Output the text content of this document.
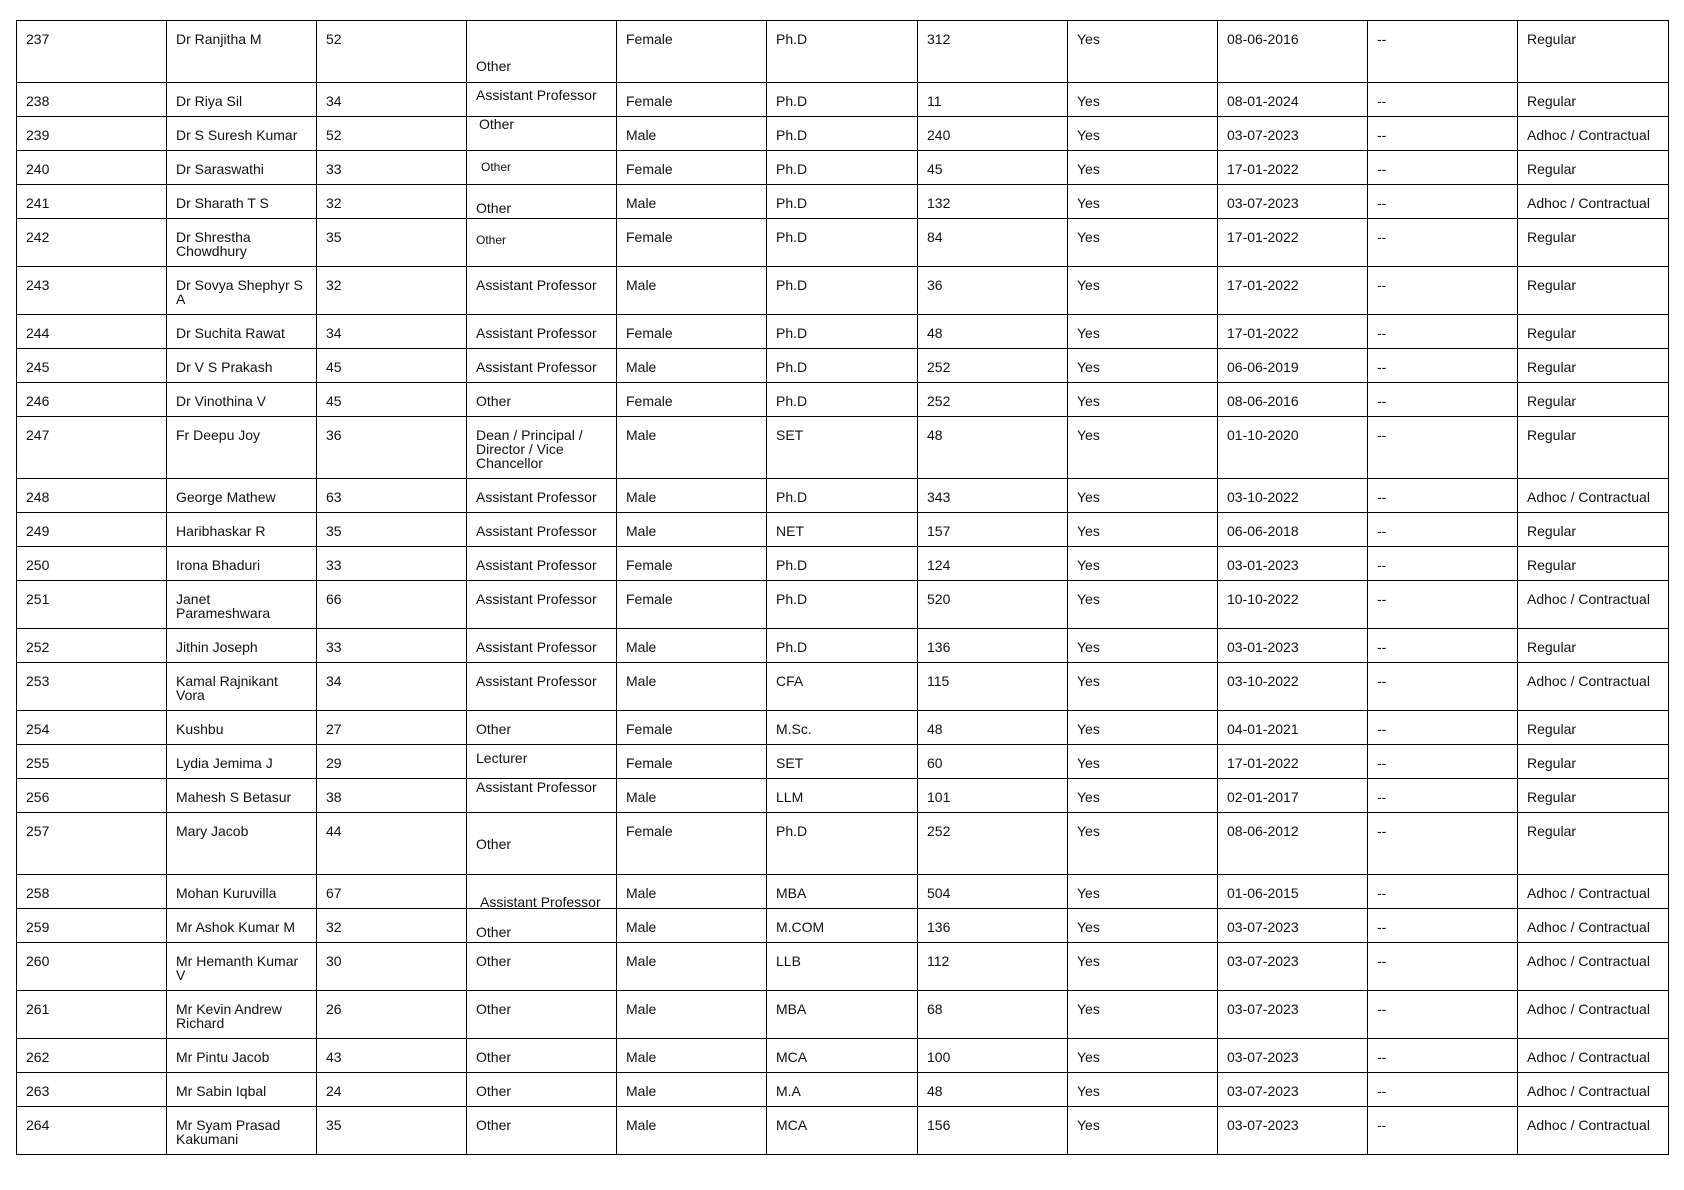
237	Dr Ranjitha M	52	Other	Female	Ph.D	312	Yes	08-06-2016	--	Regular
238	Dr Riya Sil	34	Assistant Professor	Female	Ph.D	11	Yes	08-01-2024	--	Regular
239	Dr S Suresh Kumar	52	Other	Male	Ph.D	240	Yes	03-07-2023	--	Adhoc / Contractual
240	Dr Saraswathi	33	Other	Female	Ph.D	45	Yes	17-01-2022	--	Regular
241	Dr Sharath T S	32	Other	Male	Ph.D	132	Yes	03-07-2023	--	Adhoc / Contractual
242	Dr Shrestha Chowdhury	35	Other	Female	Ph.D	84	Yes	17-01-2022	--	Regular
243	Dr Sovya Shephyr S A	32	Assistant Professor	Male	Ph.D	36	Yes	17-01-2022	--	Regular
244	Dr Suchita Rawat	34	Assistant Professor	Female	Ph.D	48	Yes	17-01-2022	--	Regular
245	Dr V S Prakash	45	Assistant Professor	Male	Ph.D	252	Yes	06-06-2019	--	Regular
246	Dr Vinothina V	45	Other	Female	Ph.D	252	Yes	08-06-2016	--	Regular
247	Fr Deepu Joy	36	Dean / Principal / Director / Vice Chancellor	Male	SET	48	Yes	01-10-2020	--	Regular
248	George Mathew	63	Assistant Professor	Male	Ph.D	343	Yes	03-10-2022	--	Adhoc / Contractual
249	Haribhaskar R	35	Assistant Professor	Male	NET	157	Yes	06-06-2018	--	Regular
250	Irona Bhaduri	33	Assistant Professor	Female	Ph.D	124	Yes	03-01-2023	--	Regular
251	Janet Parameshwara	66	Assistant Professor	Female	Ph.D	520	Yes	10-10-2022	--	Adhoc / Contractual
252	Jithin Joseph	33	Assistant Professor	Male	Ph.D	136	Yes	03-01-2023	--	Regular
253	Kamal Rajnikant Vora	34	Assistant Professor	Male	CFA	115	Yes	03-10-2022	--	Adhoc / Contractual
254	Kushbu	27	Other	Female	M.Sc.	48	Yes	04-01-2021	--	Regular
255	Lydia Jemima J	29	Lecturer	Female	SET	60	Yes	17-01-2022	--	Regular
256	Mahesh S Betasur	38	Assistant Professor	Male	LLM	101	Yes	02-01-2017	--	Regular
257	Mary Jacob	44	Other	Female	Ph.D	252	Yes	08-06-2012	--	Regular
258	Mohan Kuruvilla	67	Assistant Professor	Male	MBA	504	Yes	01-06-2015	--	Adhoc / Contractual
259	Mr Ashok Kumar M	32	Other	Male	M.COM	136	Yes	03-07-2023	--	Adhoc / Contractual
260	Mr Hemanth Kumar V	30	Other	Male	LLB	112	Yes	03-07-2023	--	Adhoc / Contractual
261	Mr Kevin Andrew Richard	26	Other	Male	MBA	68	Yes	03-07-2023	--	Adhoc / Contractual
262	Mr Pintu Jacob	43	Other	Male	MCA	100	Yes	03-07-2023	--	Adhoc / Contractual
263	Mr Sabin Iqbal	24	Other	Male	M.A	48	Yes	03-07-2023	--	Adhoc / Contractual
264	Mr Syam Prasad Kakumani	35	Other	Male	MCA	156	Yes	03-07-2023	--	Adhoc / Contractual
